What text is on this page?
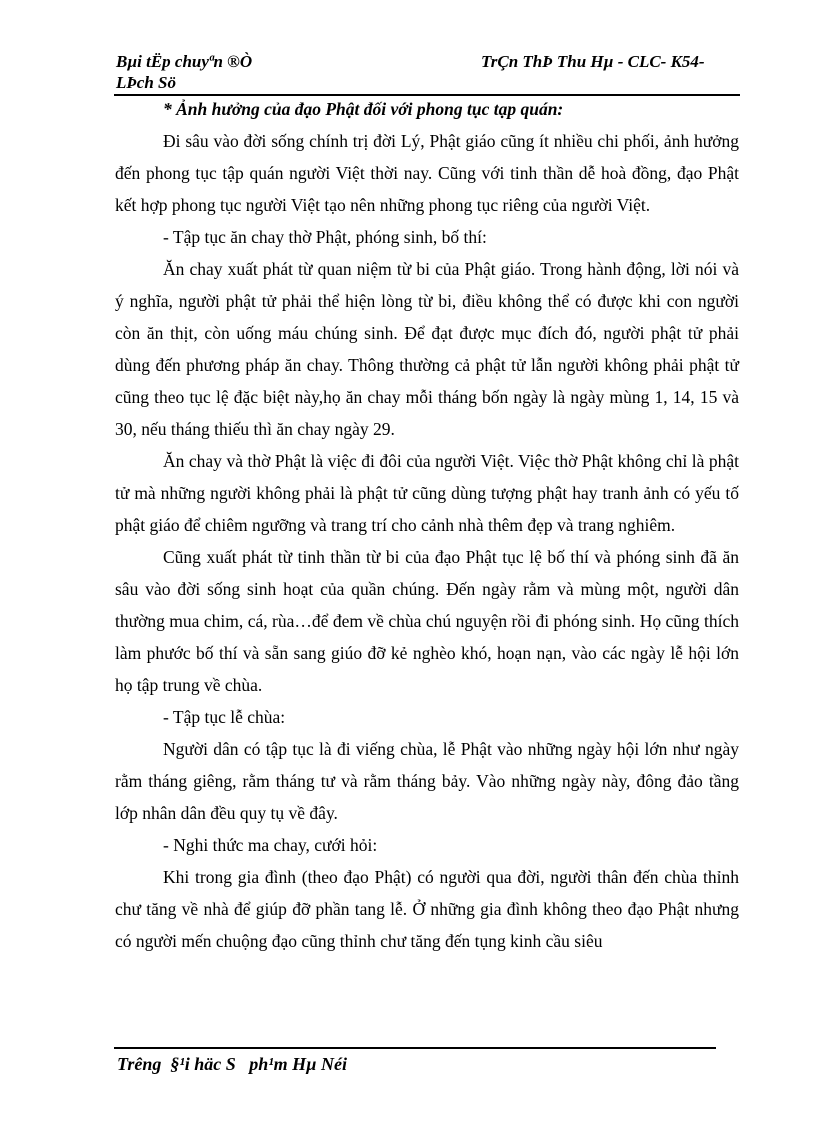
Bµi tËp chuyªn ®Ò
LÞch Sö
TrÇn ThÞ Thu Hµ - CLC- K54-

* Ảnh hưởng của đạo Phật đối với phong tục tạp quán:

Đi sâu vào đời sống chính trị đời Lý, Phật giáo cũng ít nhiều chi phối, ảnh hưởng đến phong tục tập quán người Việt thời nay. Cũng với tinh thần dễ hoà đồng, đạo Phật kết hợp phong tục người Việt tạo nên những phong tục riêng của người Việt.

- Tập tục ăn chay thờ Phật, phóng sinh, bố thí:

Ăn chay xuất phát từ quan niệm từ bi của Phật giáo. Trong hành động, lời nói và ý nghĩa, người phật tử phải thể hiện lòng từ bi, điều không thể có được khi con người còn ăn thịt, còn uống máu chúng sinh. Để đạt được mục đích đó, người phật tử phải dùng đến phương pháp ăn chay. Thông thường cả phật tử lẫn người không phải phật tử cũng theo tục lệ đặc biệt này,họ ăn chay mỗi tháng bốn ngày là ngày mùng 1, 14, 15 và 30, nếu tháng thiếu thì ăn chay ngày 29.

Ăn chay và thờ Phật là việc đi đôi của người Việt. Việc thờ Phật không chỉ là phật tử mà những người không phải là phật tử cũng dùng tượng phật hay tranh ảnh có yếu tố phật giáo để chiêm ngưỡng và trang trí cho cảnh nhà thêm đẹp và trang nghiêm.

Cũng xuất phát từ tinh thần từ bi của đạo Phật tục lệ bố thí và phóng sinh đã ăn sâu vào đời sống sinh hoạt của quần chúng. Đến ngày rằm và mùng một, người dân thường mua chim, cá, rùa…để đem về chùa chú nguyện rồi đi phóng sinh. Họ cũng thích làm phước bố thí và sẵn sang giúo đỡ kẻ nghèo khó, hoạn nạn, vào các ngày lễ hội lớn họ tập trung về chùa.

- Tập tục lễ chùa:

Người dân có tập tục là đi viếng chùa, lễ Phật vào những ngày hội lớn như ngày rằm tháng giêng, rằm tháng tư và rằm tháng bảy. Vào những ngày này, đông đảo tầng lớp nhân dân đều quy tụ về đây.

- Nghi thức ma chay, cưới hỏi:

Khi trong gia đình (theo đạo Phật) có người qua đời, người thân đến chùa thỉnh chư tăng về nhà để giúp đỡ phần tang lễ. Ở những gia đình không theo đạo Phật nhưng có người mến chuộng đạo cũng thỉnh chư tăng đến tụng kinh cầu siêu

Trêng  §¹i häc S   ph¹m Hµ Néi
